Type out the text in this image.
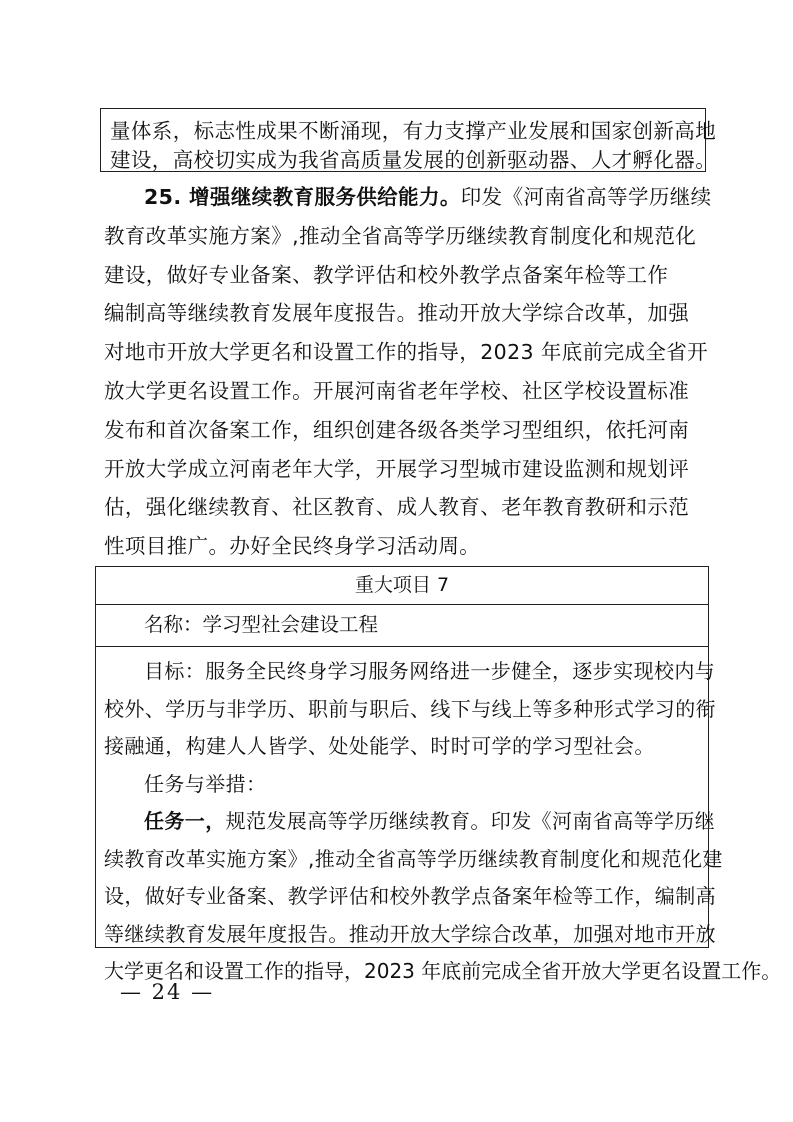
量体系，标志性成果不断涌现，有力支撑产业发展和国家创新高地
建设，高校切实成为我省高质量发展的创新驱动器、人才孵化器。
25. 增强继续教育服务供给能力。印发《河南省高等学历继续
教育改革实施方案》,推动全省高等学历继续教育制度化和规范化
建设，做好专业备案、教学评估和校外教学点备案年检等工作
编制高等继续教育发展年度报告。推动开放大学综合改革，加强
对地市开放大学更名和设置工作的指导，2023 年底前完成全省开
放大学更名设置工作。开展河南省老年学校、社区学校设置标准
发布和首次备案工作，组织创建各级各类学习型组织，依托河南
开放大学成立河南老年大学，开展学习型城市建设监测和规划评
估，强化继续教育、社区教育、成人教育、老年教育教研和示范
性项目推广。办好全民终身学习活动周。
重大项目 7
名称：学习型社会建设工程
目标：服务全民终身学习服务网络进一步健全，逐步实现校内与
校外、学历与非学历、职前与职后、线下与线上等多种形式学习的衔
接融通，构建人人皆学、处处能学、时时可学的学习型社会。
任务与举措：
任务一，规范发展高等学历继续教育。印发《河南省高等学历继
续教育改革实施方案》,推动全省高等学历继续教育制度化和规范化建
设，做好专业备案、教学评估和校外教学点备案年检等工作，编制高
等继续教育发展年度报告。推动开放大学综合改革，加强对地市开放
大学更名和设置工作的指导，2023 年底前完成全省开放大学更名设置工作。
— 24 —
